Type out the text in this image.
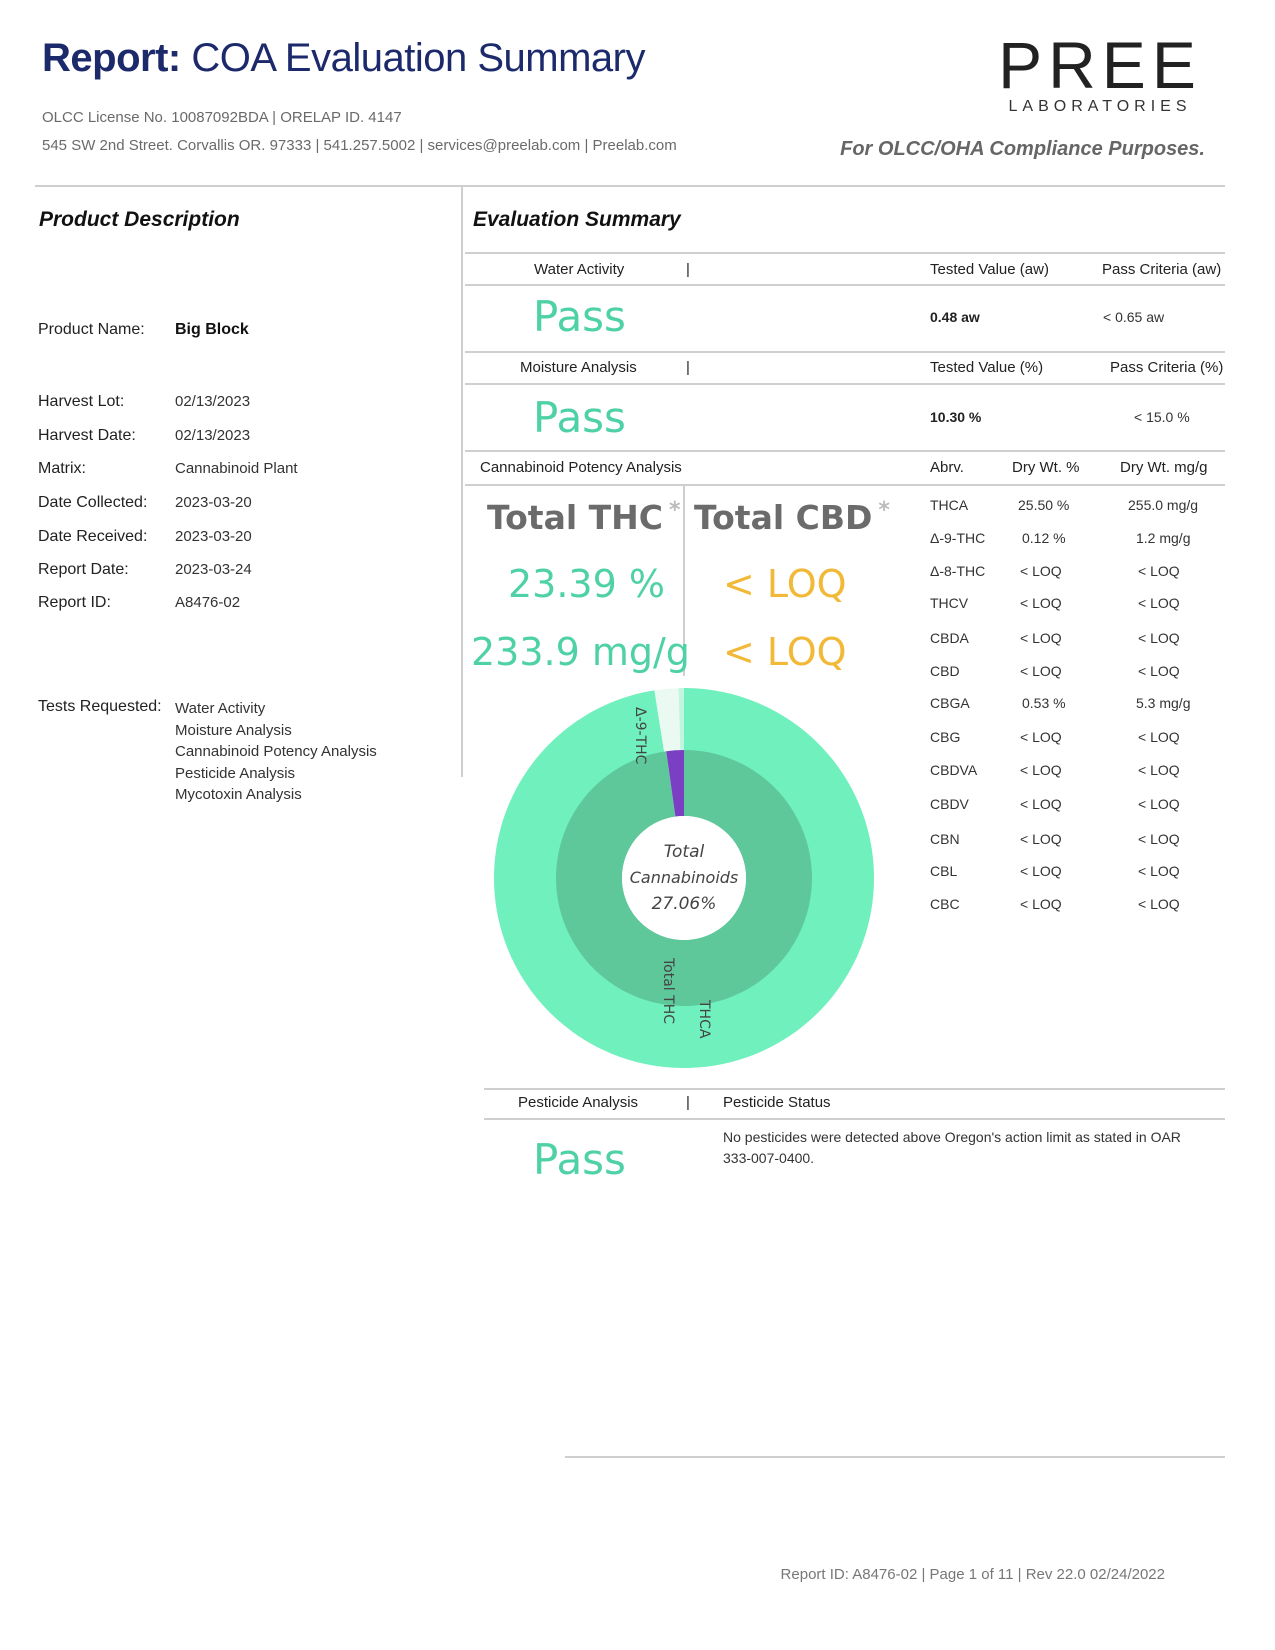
Report: COA Evaluation Summary
OLCC License No. 10087092BDA | ORELAP ID. 4147
545 SW 2nd Street. Corvallis OR. 97333 | 541.257.5002 | services@preelab.com | Preelab.com
PREE
LABORATORIES
For OLCC/OHA Compliance Purposes.
Product Description
Product Name: Big Block
Harvest Lot:	02/13/2023
Harvest Date:	02/13/2023
Matrix:	Cannabinoid Plant
Date Collected: 2023-03-20
Date Received: 2023-03-20
Report Date:	2023-03-24
Report ID:	A8476-02
Tests Requested: Water Activity
Moisture Analysis
Cannabinoid Potency Analysis
Pesticide Analysis
Mycotoxin Analysis
Evaluation Summary
Water Activity	|	Tested Value (aw)	Pass Criteria (aw)
Pass	0.48 aw	< 0.65 aw
Moisture Analysis	|	Tested Value (%)	Pass Criteria (%)
Pass	10.30 %	< 15.0 %
Cannabinoid Potency Analysis	Abrv.	Dry Wt. %	Dry Wt. mg/g
Total THC * Total CBD *
23.39 % < LOQ
233.9 mg/g < LOQ
THCA	25.50 %	255.0 mg/g
Δ-9-THC	0.12 %	1.2 mg/g
Δ-8-THC < LOQ	< LOQ
THCV	< LOQ	< LOQ
CBDA	< LOQ	< LOQ
CBD	< LOQ	< LOQ
CBGA	0.53 %	5.3 mg/g
CBG	< LOQ	< LOQ
CBDVA	< LOQ	< LOQ
CBDV	< LOQ	< LOQ
CBN	< LOQ	< LOQ
CBL	< LOQ	< LOQ
CBC	< LOQ	< LOQ
Total
Cannabinoids
27.06%
Δ-9-THC
THCA
Total THC
Pesticide Analysis	| Pesticide Status
Pass	No pesticides were detected above Oregon's action limit as stated in OAR 333-007-0400.
Report ID: A8476-02 | Page 1 of 11 | Rev 22.0 02/24/2022
